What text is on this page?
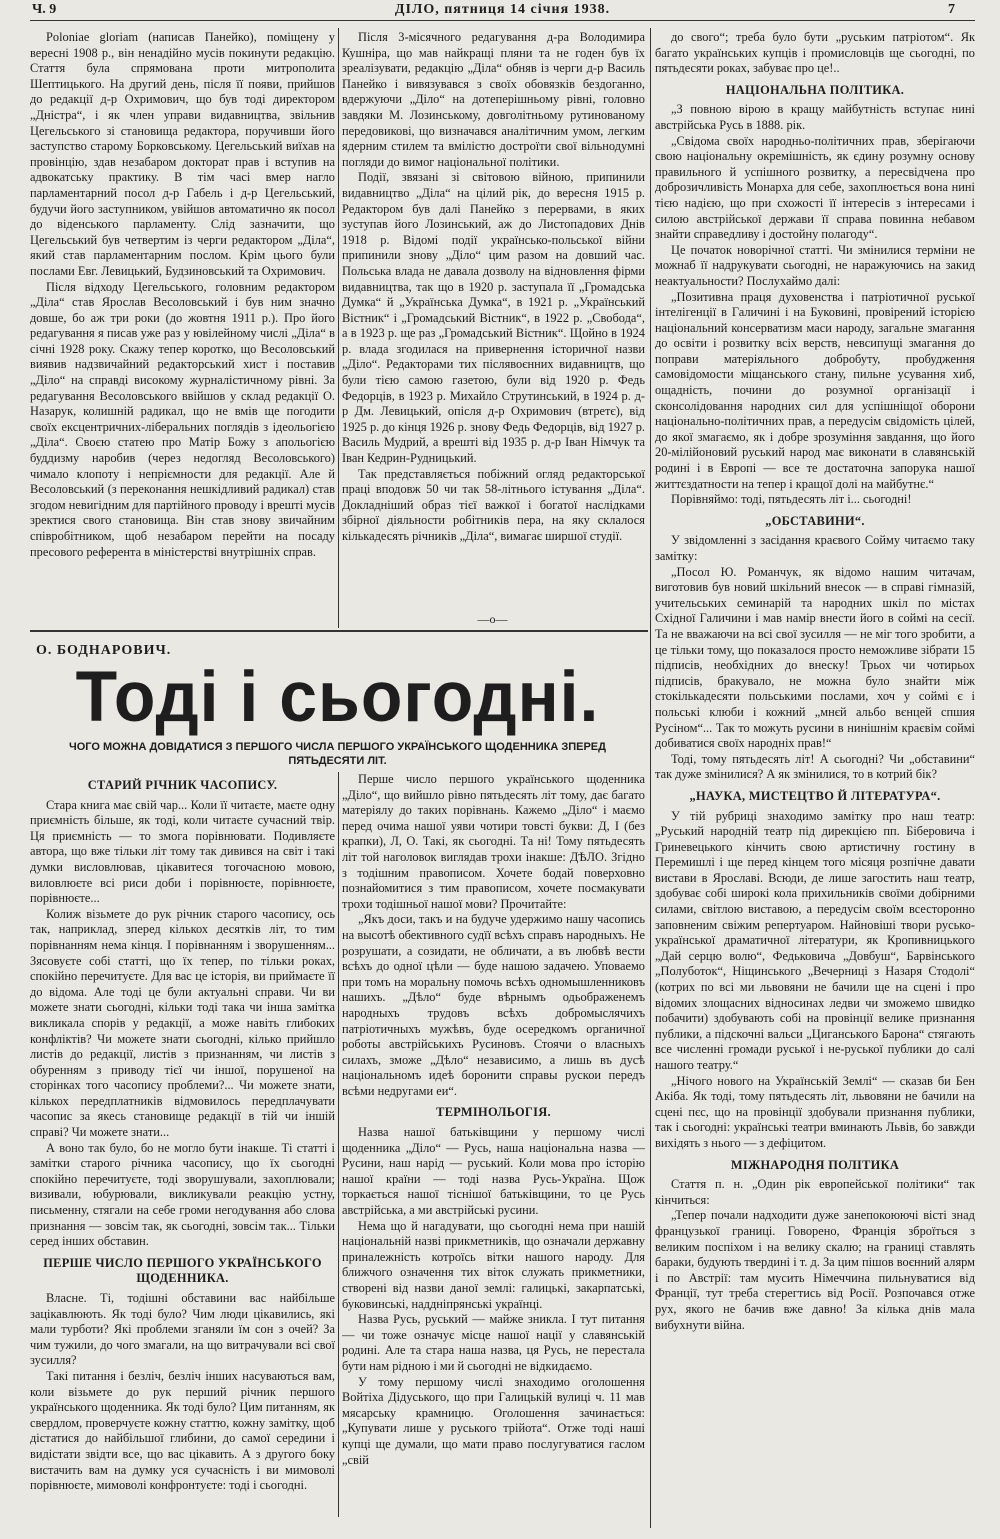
Ч. 9	ДІЛО, пятниця 14 січня 1938.	7

Poloniae gloriam (написав Панейко), поміщену у вересні 1908 р., він ненадійно мусів покинути редакцію. Стаття була спрямована проти митрополита Шептицького. На другий день, після її появи, прийшов до редакції д-р Охримович, що був тоді директором „Дністра“, і як член управи видавництва, звільнив Цегельського зі становища редактора, поручивши його заступство старому Борковському. Цегельський виїхав на провінцію, здав незабаром докторат прав і вступив на адвокатську практику. В тім часі вмер нагло парламентарний посол д-р Габель і д-р Цегельський, будучи його заступником, увійшов автоматично як посол до віденського парламенту. Слід зазначити, що Цегельський був четвертим із черги редактором „Діла“, який став парламентарним послом. Крім цього були послами Евг. Левицький, Будзиновський та Охримович.

Після відходу Цегельського, головним редактором „Діла“ став Ярослав Весоловський і був ним значно довше, бо аж три роки (до жовтня 1911 р.). Про його редагування я писав уже раз у ювілейному числі „Діла“ в січні 1928 року. Скажу тепер коротко, що Весоловський виявив надзвичайний редакторський хист і поставив „Діло“ на справді високому журналістичному рівні. За редагування Весоловського ввійшов у склад редакції О. Назарук, колишній радикал, що не вмів ще погодити своїх ексцентричних-ліберальних поглядів з ідеольогією „Діла“. Своєю статею про Матір Божу з апольогією буддизму наробив (через недогляд Весоловського) чимало клопоту і непріємности для редакції. Але й Весоловський (з переконання нешкідливий радикал) став згодом невигідним для партійного проводу і врешті мусів зректися свого становища. Він став знову звичайним співробітником, щоб незабаром перейти на посаду пресового референта в міністерстві внутрішніх справ.

Після 3-місячного редагування д-ра Володимира Кушніра, що мав найкращі пляни та не годен був їх зреалізувати, редакцію „Діла“ обняв із черги д-р Василь Панейко і вивязувався з своїх обовязків бездоганно, вдержуючи „Діло“ на дотеперішньому рівні, головно завдяки М. Лозинському, довголітньому рутинованому передовикові, що визначався аналітичним умом, легким ядерним стилем та вмілістю достроїти свої вільнодумні погляди до вимог національної політики.

Події, звязані зі світовою війною, припинили видавництво „Діла“ на цілий рік, до вересня 1915 р. Редактором був далі Панейко з перервами, в яких зуступав його Лозинський, аж до Листопадових Днів 1918 р. Відомі події українсько-польської війни припинили знову „Діло“ цим разом на довший час. Польська влада не давала дозволу на відновлення фірми видавництва, так що в 1920 р. заступала її „Громадська Думка“ й „Українська Думка“, в 1921 р. „Український Вістник“ і „Громадський Вістник“, в 1922 р. „Свобода“, а в 1923 р. ще раз „Громадський Вістник“. Щойно в 1924 р. влада згодилася на привернення історичної назви „Діло“. Редакторами тих післявоєнних видавництв, що були тією самою газетою, були від 1920 р. Федь Федорців, в 1923 р. Михайло Струтинський, в 1924 р. д-р Дм. Левицький, опісля д-р Охримович (втретє), від 1925 р. до кінця 1926 р. знову Федь Федорців, від 1927 р. Василь Мудрий, а врешті від 1935 р. д-р Іван Німчук та Іван Кедрин-Рудницький.

Так представляється побіжний огляд редакторської праці вподовж 50 чи так 58-літнього істування „Діла“. Докладніший образ тієї важкої і богатої наслідками збірної діяльности робітників пера, на яку склалося кількадесять річників „Діла“, вимагає ширшої студії.

—o—
О. БОДНАРОВИЧ.
Тоді і сьогодні.
ЧОГО МОЖНА ДОВІДАТИСЯ З ПЕРШОГО ЧИСЛА ПЕРШОГО УКРАЇНСЬКОГО ЩОДЕННИКА ЗПЕРЕД ПЯТЬДЕСЯТИ ЛІТ.
СТАРИЙ РІЧНИК ЧАСОПИСУ.

Стара книга має свій чар... Коли її читаєте, маєте одну приємність більше, як тоді, коли читаєте сучасний твір. Ця приємність — то змога порівнювати. Подивляєте автора, що вже тільки літ тому так дивився на світ і такі думки висловлював, цікавитеся тогочасною мовою, виловлюєте всі риси доби і порівнюєте, порівнюєте, порівнюєте...

Колиж візьмете до рук річник старого часопису, ось так, наприклад, зперед кількох десятків літ, то тим порівнанням нема кінця. І порівнанням і зворушенням... Зясовуєте собі статті, що їх тепер, по тільки роках, спокійно перечитуєте. Для вас це історія, ви приймаєте її до відома. Але тоді це були актуальні справи. Чи ви можете знати сьогодні, кільки тоді така чи інша замітка викликала спорів у редакції, а може навіть глибоких конфліктів? Чи можете знати сьогодні, кілько прийшло листів до редакції, листів з признанням, чи листів з обуренням з приводу тієї чи іншої, порушеної на сторінках того часопису проблеми?... Чи можете знати, кількох передплатників відмовилось передплачувати часопис за якесь становище редакції в тій чи іншій справі? Чи можете знати...

А воно так було, бо не могло бути інакше. Ті статті і замітки старого річника часопису, що їх сьогодні спокійно перечитуєте, тоді зворушували, захоплювали; визивали, юбурювали, викликували реакцію устну, письменну, стягали на себе громи негодування або слова признання — зовсім так, як сьогодні, зовсім так... Тільки серед інших обставин.

ПЕРШЕ ЧИСЛО ПЕРШОГО УКРАЇНСЬКОГО ЩОДЕННИКА.

Власне. Ті, тодішні обставини вас найбільше зацікавлюють. Як тоді було? Чим люди цікавились, які мали турботи? Які проблеми зганяли їм сон з очей? За чим тужили, до чого змагали, на що витрачували всі свої зусилля?

Такі питання і безліч, безліч інших насуваються вам, коли візьмете до рук перший річник першого українського щоденника. Як тоді було? Цим питанням, як свердлом, проверчуєте кожну статтю, кожну замітку, щоб дістатися до найбільшої глибини, до самої середини і видістати звідти все, що вас цікавить. А з другого боку вистачить вам на думку уся сучасність і ви мимоволі порівнюєте, мимоволі конфронтуєте: тоді і сьогодні.

Перше число першого українського щоденника „Діло“, що вийшло рівно пятьдесять літ тому, дає багато матеріялу до таких порівнань. Кажемо „Діло“ і маємо перед очима нашої уяви чотири товсті букви: Д, І (без крапки), Л, О. Такі, як сьогодні. Та ні! Тому пятьдесять літ той наголовок виглядав трохи інакше: ДѢЛО. Згідно з тодішним правописом. Хочете бодай поверховно познайомитися з тим правописом, хочете посмакувати трохи тодішньої нашої мови? Прочитайте:

„Якъ доси, такъ и на будуче удержимо нашу часопись на высотѣ обективного судїї всѣхъ справъ народныхъ. Не розрушати, а созидати, не обличати, а въ любвѣ вести всѣхъ до одної цѣли — буде нашою задачею. Уповаемо при томъ на моральну помочь всѣхъ одномышленниковъ нашихъ. „Дѣло“ буде вѣрнымъ одьображенемъ народныхъ трудовъ всѣхъ добромыслячихъ патріотичныхъ мужѣвъ, буде осередкомъ органичної роботы австрійськихъ Русиновъ. Стоячи о власныхъ силахъ, зможе „Дѣло“ независимо, а лишь въ дусѣ національномъ идеѣ боронити справы рускои передъ всѣми недругами еи“.

ТЕРМІНОЛЬОГІЯ.

Назва нашої батьківщини у першому числі щоденника „Діло“ — Русь, наша національна назва — Русини, наш нарід — руський. Коли мова про історію нашої країни — тоді назва Русь-Україна. Щож торкається нашої тіснішої батьківщини, то це Русь австрійська, а ми австрійські русини.

Нема що й нагадувати, що сьогодні нема при нашій національній назві прикметників, що означали державну приналежність котроїсь вітки нашого народу. Для ближчого означення тих віток служать прикметники, створені від назви даної землі: галицькі, закарпатські, буковинські, наддніпрянські українці.

Назва Русь, руський — майже зникла. І тут питання — чи тоже означує місце нашої нації у славянській родині. Але та стара наша назва, ця Русь, не перестала бути нам рідною і ми й сьогодні не відкидаємо.

У тому першому числі знаходимо оголошення Войтіха Дідуського, що при Галицькій вулиці ч. 11 мав мясарську крамницю. Оголошення зачинається: „Купувати лише у руського трійота“. Отже тоді наші купці ще думали, що мати право послугуватися гаслом „свій

до свого“; треба було бути „руським патріотом“. Як багато українських купців і промисловців ще сьогодні, по пятьдесяти роках, забуває про це!..

НАЦІОНАЛЬНА ПОЛІТИКА.

„З повною вірою в кращу майбутність вступає нині австрійська Русь в 1888. рік.

„Свідома своїх народньо-політичних прав, зберігаючи свою національну окремішність, як єдину розумну основу правильного й успішного розвитку, а пересвідчена про доброзичливість Монарха для себе, захоплюється вона нині тією надією, що при схожості її інтересів з інтересами і силою австрійської держави її справа повинна небавом знайти справедливу і достойну полагоду“.

Це початок новорічної статті. Чи змінилися терміни не можнаб її надрукувати сьогодні, не наражуючись на закид неактуальности? Послухаймо далі:

„Позитивна праця духовенства і патріотичної руської інтелігенції в Галичині і на Буковині, провірений історією національний консерватизм маси народу, загальне змагання до освіти і розвитку всіх верств, невсипущі змагання до поправи матеріяльного добробуту, пробудження самовідомости міщанського стану, пильне усування хиб, ощадність, почини до розумної організації і сконсолідовання народних сил для успішніщої оборони національно-політичних прав, а передусім свідомість цілей, до якої змагаємо, як і добре зрозуміння завдання, що його 20-мілійоновий руський народ має виконати в славянській родині і в Европі — все те достаточна запорука нашої життєздатности на тепер і кращої долі на майбутнє.“

Порівняймо: тоді, пятьдесять літ і... сьогодні!

„ОБСТАВИНИ“.

У звідомленні з засідання краєвого Сойму читаємо таку замітку:

„Посол Ю. Романчук, як відомо нашим читачам, виготовив був новий шкільний внесок — в справі гімназій, учительських семинарій та народних шкіл по містах Східної Галичини і мав намір внести його в соймі на сесії. Та не вважаючи на всі свої зусилля — не міг того зробити, а це тільки тому, що показалося просто неможливе зібрати 15 підписів, необхідних до внеску! Трьох чи чотирьох підписів, бракувало, не можна було знайти між стокількадесяти польськими послами, хоч у соймі є і польські клюби і кожний „мнєй альбо вєнцей спшия Русіном“... Так то можуть русини в нинішнім краєвім соймі добиватися своїх народніх прав!“

Тоді, тому пятьдесять літ! А сьогодні? Чи „обставини“ так дуже змінилися? А як змінилися, то в котрий бік?

„НАУКА, МИСТЕЦТВО Й ЛІТЕРАТУРА“.

У тій рубриці знаходимо замітку про наш театр: „Руський народній театр під дирекцією пп. Біберовича і Гриневецького кінчить свою артистичну гостину в Перемишлі і ще перед кінцем того місяця розпічне давати вистави в Ярославі. Всюди, де лише загостить наш театр, здобуває собі широкі кола прихильників своїми добірними силами, світлою виставою, а передусім своїм всесторонно заповненим свіжим репертуаром. Найновіші твори русько-української драматичної літератури, як Кропивницького „Дай серцю волю“, Федьковича „Довбуш“, Барвінського „Полуботок“, Ніщинського „Вечерниці з Назаря Стодолі“ (котрих по всі ми львовяни не бачили ще на сцені і про відомих злощасних відносинах ледви чи зможемо швидко побачити) здобувають собі на провінції велике признання публики, а підскочні вальси „Циганського Барона“ стягають все численні громади руської і не-руської публики до салі нашого театру.“

„Нічого нового на Українській Землі“ — сказав би Бен Акіба. Як тоді, тому пятьдесять літ, львовяни не бачили на сцені пєс, що на провінції здобували признання публики, так і сьогодні: українські театри вминають Львів, бо завжди вихідять з нього — з дефіцитом.

МІЖНАРОДНЯ ПОЛІТИКА

Стаття п. н. „Один рік европейської політики“ так кінчиться:

„Тепер почали надходити дуже занепокоюючі вісті знад французької границі. Говорено, Франція зброїться з великим поспіхом і на велику скалю; на границі ставлять бараки, будують твердині і т. д. За цим пішов воєнний алярм і по Австрії: там мусить Німеччина пильнуватися від Франції, тут треба стерегтись від Росії. Розпочався отже рух, якого не бачив вже давно! За кілька днів мала вибухнути війна.
